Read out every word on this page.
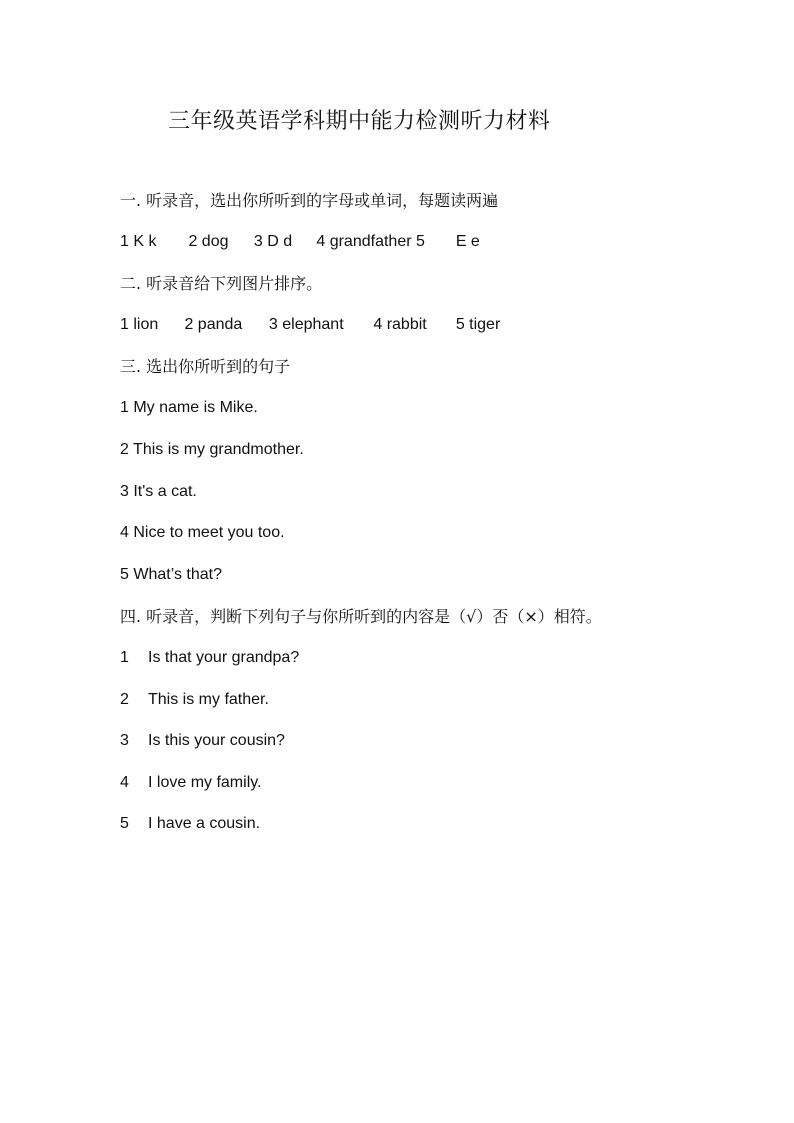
三年级英语学科期中能力检测听力材料
一. 听录音，选出你所听到的字母或单词，每题读两遍
1 K k 2 dog 3 D d 4 grandfather 5 E e
二. 听录音给下列图片排序。
1 lion 2 panda 3 elephant 4 rabbit 5 tiger
三. 选出你所听到的句子
1 My name is Mike.
2 This is my grandmother.
3 It's a cat.
4 Nice to meet you too.
5 What’s that?
四. 听录音，判断下列句子与你所听到的内容是（√）否（×）相符。
1 Is that your grandpa?
2 This is my father.
3 Is this your cousin?
4 I love my family.
5 I have a cousin.
